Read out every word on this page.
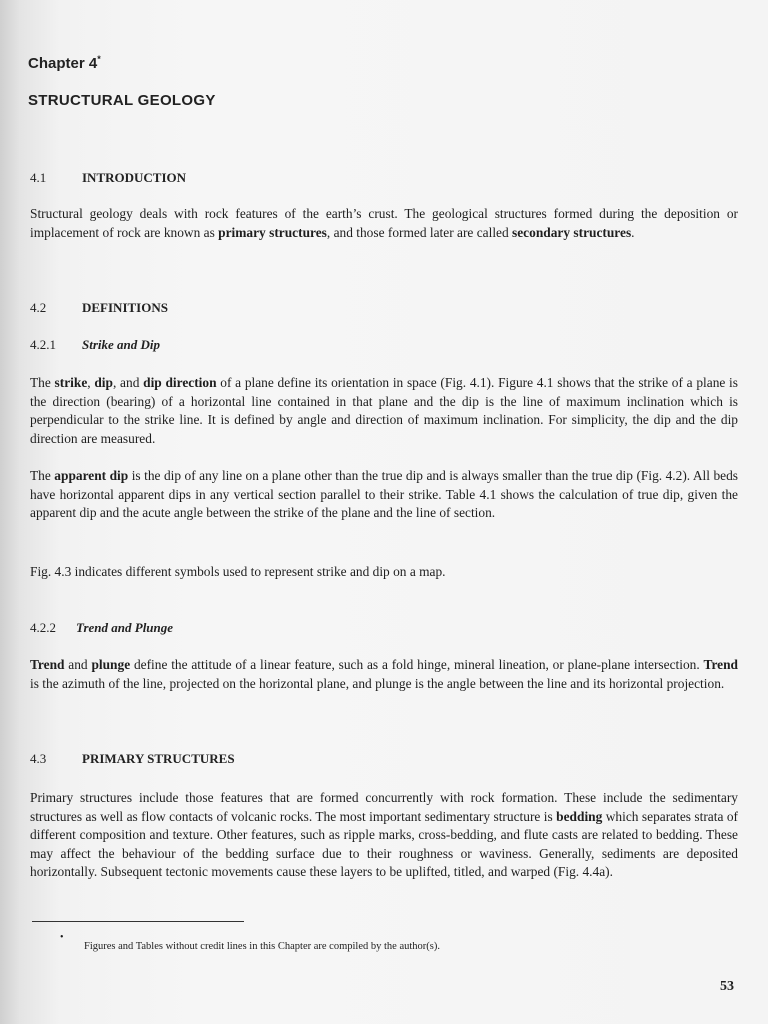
Chapter 4*
STRUCTURAL GEOLOGY
4.1	INTRODUCTION
Structural geology deals with rock features of the earth’s crust. The geological structures formed during the deposition or implacement of rock are known as primary structures, and those formed later are called secondary structures.
4.2	DEFINITIONS
4.2.1 Strike and Dip
The strike, dip, and dip direction of a plane define its orientation in space (Fig. 4.1). Figure 4.1 shows that the strike of a plane is the direction (bearing) of a horizontal line contained in that plane and the dip is the line of maximum inclination which is perpendicular to the strike line. It is defined by angle and direction of maximum inclination. For simplicity, the dip and the dip direction are measured.
The apparent dip is the dip of any line on a plane other than the true dip and is always smaller than the true dip (Fig. 4.2). All beds have horizontal apparent dips in any vertical section parallel to their strike. Table 4.1 shows the calculation of true dip, given the apparent dip and the acute angle between the strike of the plane and the line of section.
Fig. 4.3 indicates different symbols used to represent strike and dip on a map.
4.2.2 Trend and Plunge
Trend and plunge define the attitude of a linear feature, such as a fold hinge, mineral lineation, or plane-plane intersection. Trend is the azimuth of the line, projected on the horizontal plane, and plunge is the angle between the line and its horizontal projection.
4.3	PRIMARY STRUCTURES
Primary structures include those features that are formed concurrently with rock formation. These include the sedimentary structures as well as flow contacts of volcanic rocks. The most important sedimentary structure is bedding which separates strata of different composition and texture. Other features, such as ripple marks, cross-bedding, and flute casts are related to bedding. These may affect the behaviour of the bedding surface due to their roughness or waviness. Generally, sediments are deposited horizontally. Subsequent tectonic movements cause these layers to be uplifted, titled, and warped (Fig. 4.4a).
•
Figures and Tables without credit lines in this Chapter are compiled by the author(s).
53
